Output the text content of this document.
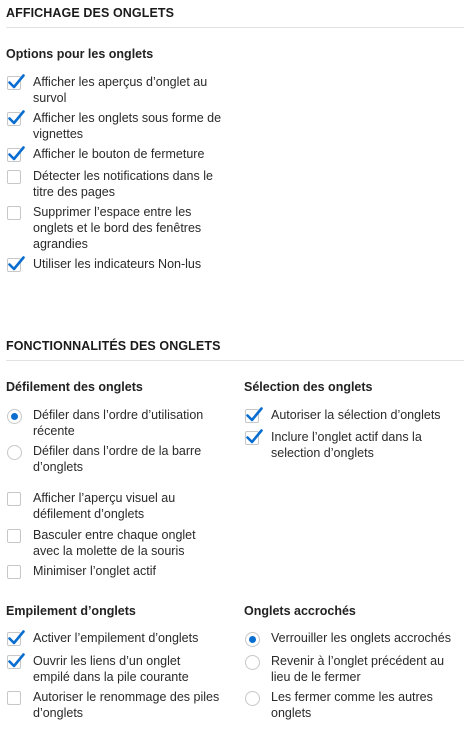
AFFICHAGE DES ONGLETS
Options pour les onglets
Afficher les aperçus d’onglet au survol
Afficher les onglets sous forme de vignettes
Afficher le bouton de fermeture
Détecter les notifications dans le titre des pages
Supprimer l’espace entre les onglets et le bord des fenêtres agrandies
Utiliser les indicateurs Non-lus
FONCTIONNALITÉS DES ONGLETS
Défilement des onglets
Défiler dans l’ordre d’utilisation récente
Défiler dans l’ordre de la barre d’onglets
Afficher l’aperçu visuel au défilement d’onglets
Basculer entre chaque onglet avec la molette de la souris
Minimiser l’onglet actif
Sélection des onglets
Autoriser la sélection d’onglets
Inclure l’onglet actif dans la selection d’onglets
Empilement d’onglets
Activer l’empilement d’onglets
Ouvrir les liens d’un onglet empilé dans la pile courante
Autoriser le renommage des piles d’onglets
Onglets accrochés
Verrouiller les onglets accrochés
Revenir à l’onglet précédent au lieu de le fermer
Les fermer comme les autres onglets
